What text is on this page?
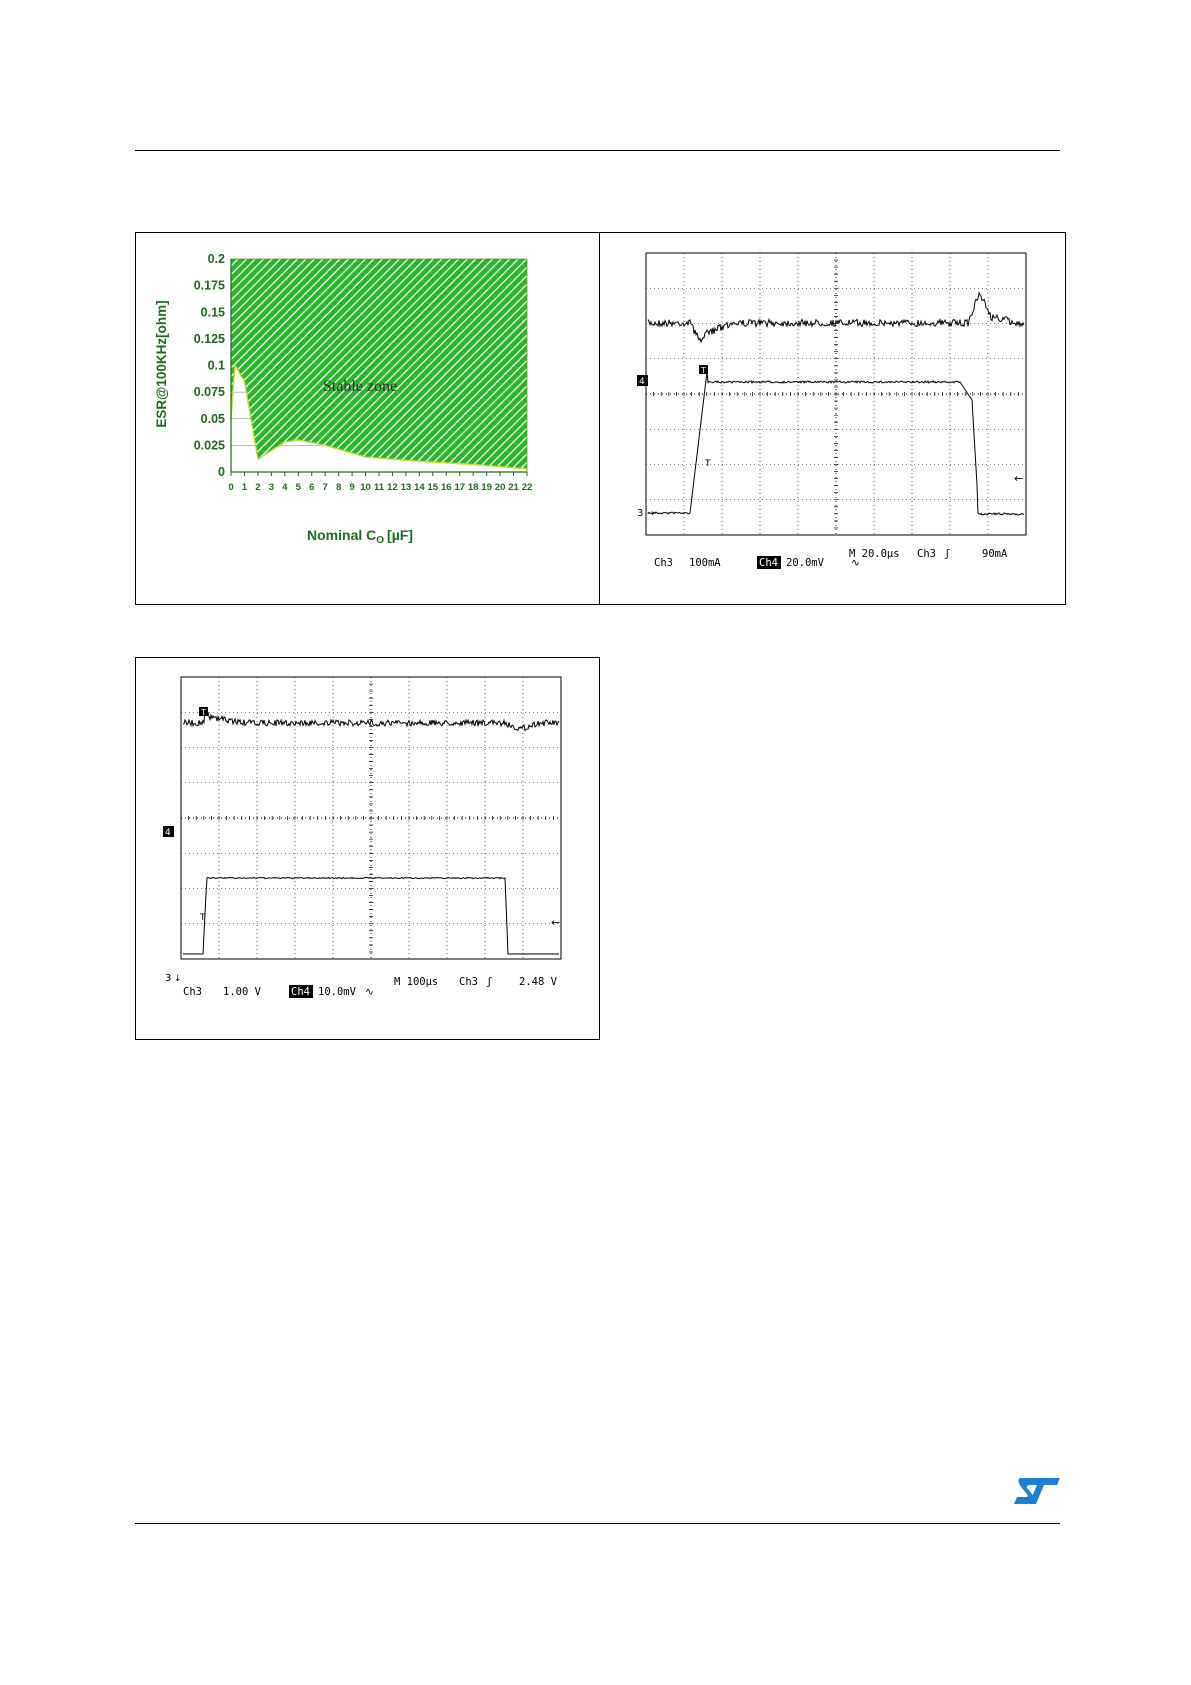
0.2
0.175
0.15
0.125
0.1
0.075
0.05
0.025
0
0 1 2 3 4 5 6 7 8 9 10 11 12 13 14 15 16 17 18 19 20 21 22
Stable zone
ESR@100KHz[ohm]
Nominal $C_O$ [µF]
T
4
3 →
←
T
Ch3 100mA	Ch4 20.0mV	∿
M 20.0µs Ch3 ʃ	90mA
T
4
3 ↓
←
T
Ch3 1.00 V	Ch4 10.0mV ∿
M 100µs Ch3 ʃ	2.48 V
